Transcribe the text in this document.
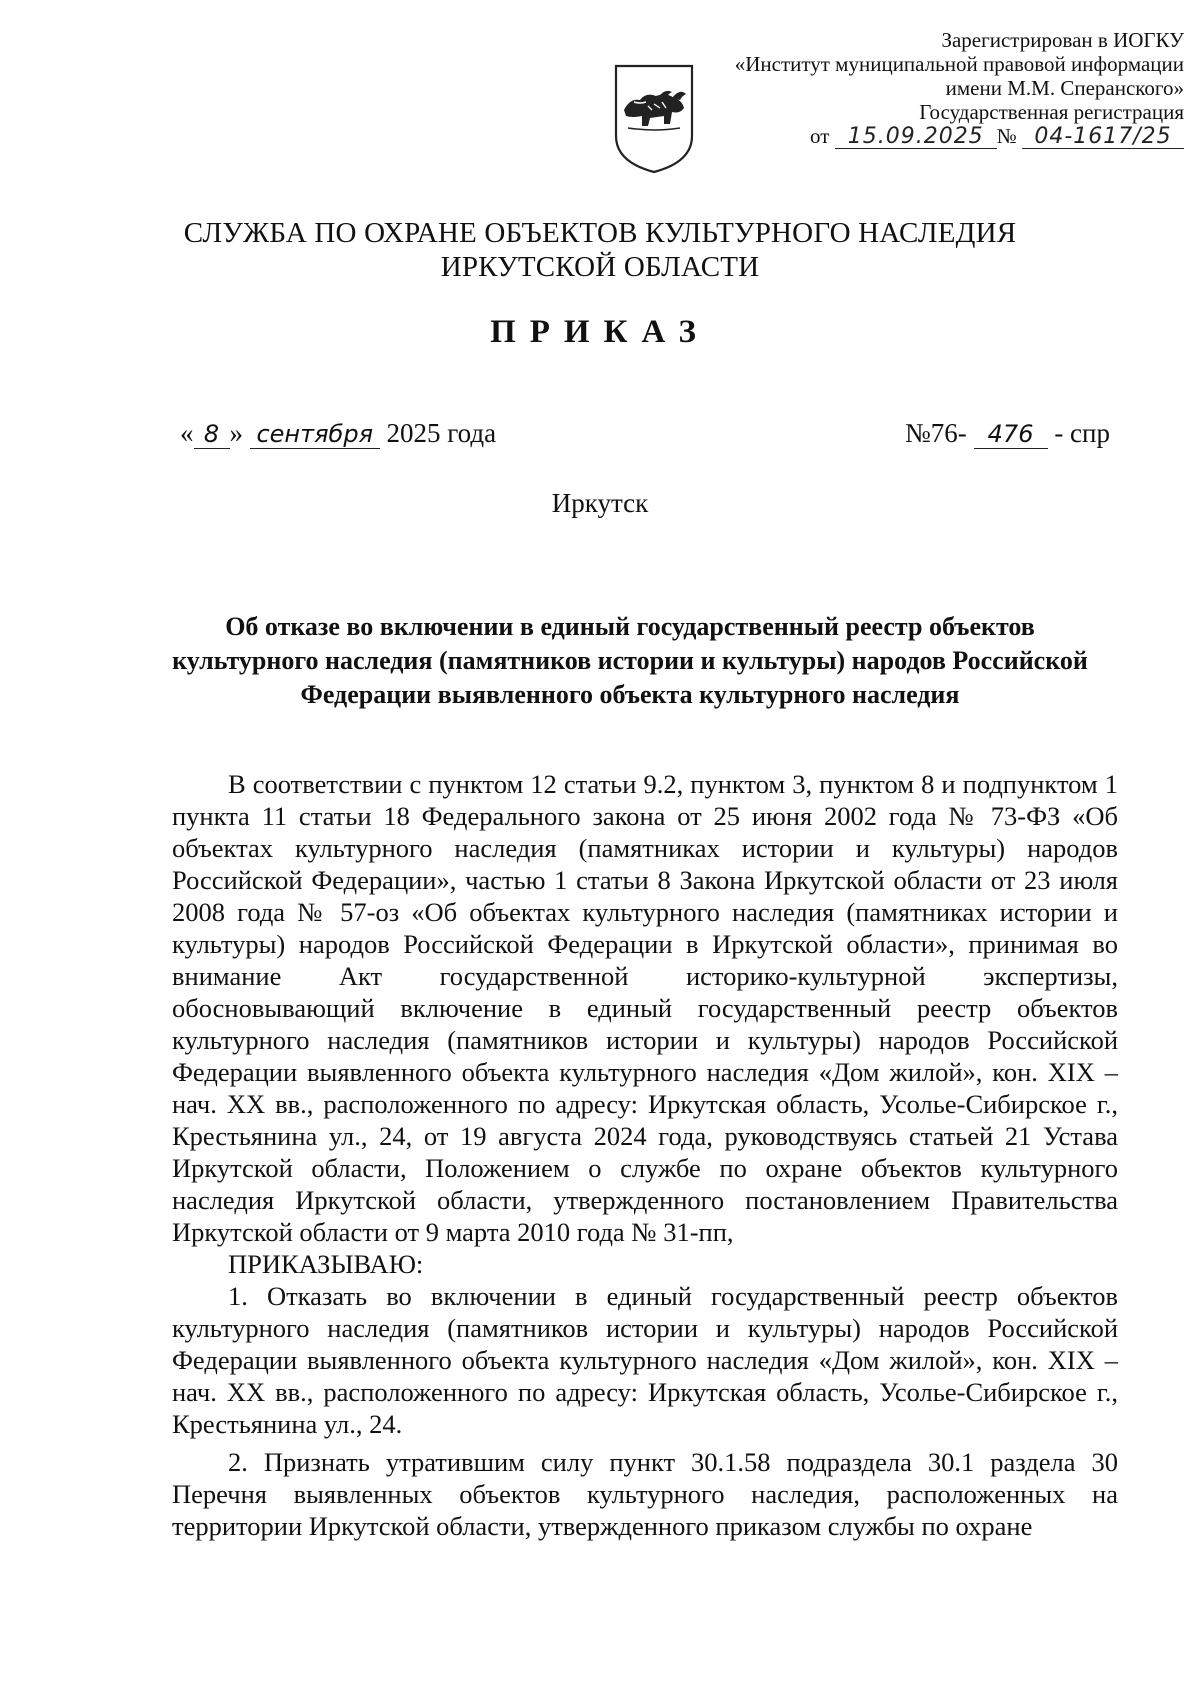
Зарегистрирован в ИОГКУ
«Институт муниципальной правовой информации
имени М.М. Сперанского»
Государственная регистрация
от 15.09.2025 № 04-1617/25
СЛУЖБА ПО ОХРАНЕ ОБЪЕКТОВ КУЛЬТУРНОГО НАСЛЕДИЯ
ИРКУТСКОЙ ОБЛАСТИ
ПРИКАЗ
« 8 » сентября 2025 года	№76- 476 - спр
Иркутск
Об отказе во включении в единый государственный реестр объектов культурного наследия (памятников истории и культуры) народов Российской Федерации выявленного объекта культурного наследия

В соответствии с пунктом 12 статьи 9.2, пунктом 3, пунктом 8 и подпунктом 1 пункта 11 статьи 18 Федерального закона от 25 июня 2002 года № 73-ФЗ «Об объектах культурного наследия (памятниках истории и культуры) народов Российской Федерации», частью 1 статьи 8 Закона Иркутской области от 23 июля 2008 года № 57-оз «Об объектах культурного наследия (памятниках истории и культуры) народов Российской Федерации в Иркутской области», принимая во внимание Акт государственной историко-культурной экспертизы, обосновывающий включение в единый государственный реестр объектов культурного наследия (памятников истории и культуры) народов Российской Федерации выявленного объекта культурного наследия «Дом жилой», кон. XIX – нач. XX вв., расположенного по адресу: Иркутская область, Усолье-Сибирское г., Крестьянина ул., 24, от 19 августа 2024 года, руководствуясь статьей 21 Устава Иркутской области, Положением о службе по охране объектов культурного наследия Иркутской области, утвержденного постановлением Правительства Иркутской области от 9 марта 2010 года № 31-пп,

ПРИКАЗЫВАЮ:

1. Отказать во включении в единый государственный реестр объектов культурного наследия (памятников истории и культуры) народов Российской Федерации выявленного объекта культурного наследия «Дом жилой», кон. XIX – нач. XX вв., расположенного по адресу: Иркутская область, Усолье-Сибирское г., Крестьянина ул., 24.

2. Признать утратившим силу пункт 30.1.58 подраздела 30.1 раздела 30 Перечня выявленных объектов культурного наследия, расположенных на территории Иркутской области, утвержденного приказом службы по охране
